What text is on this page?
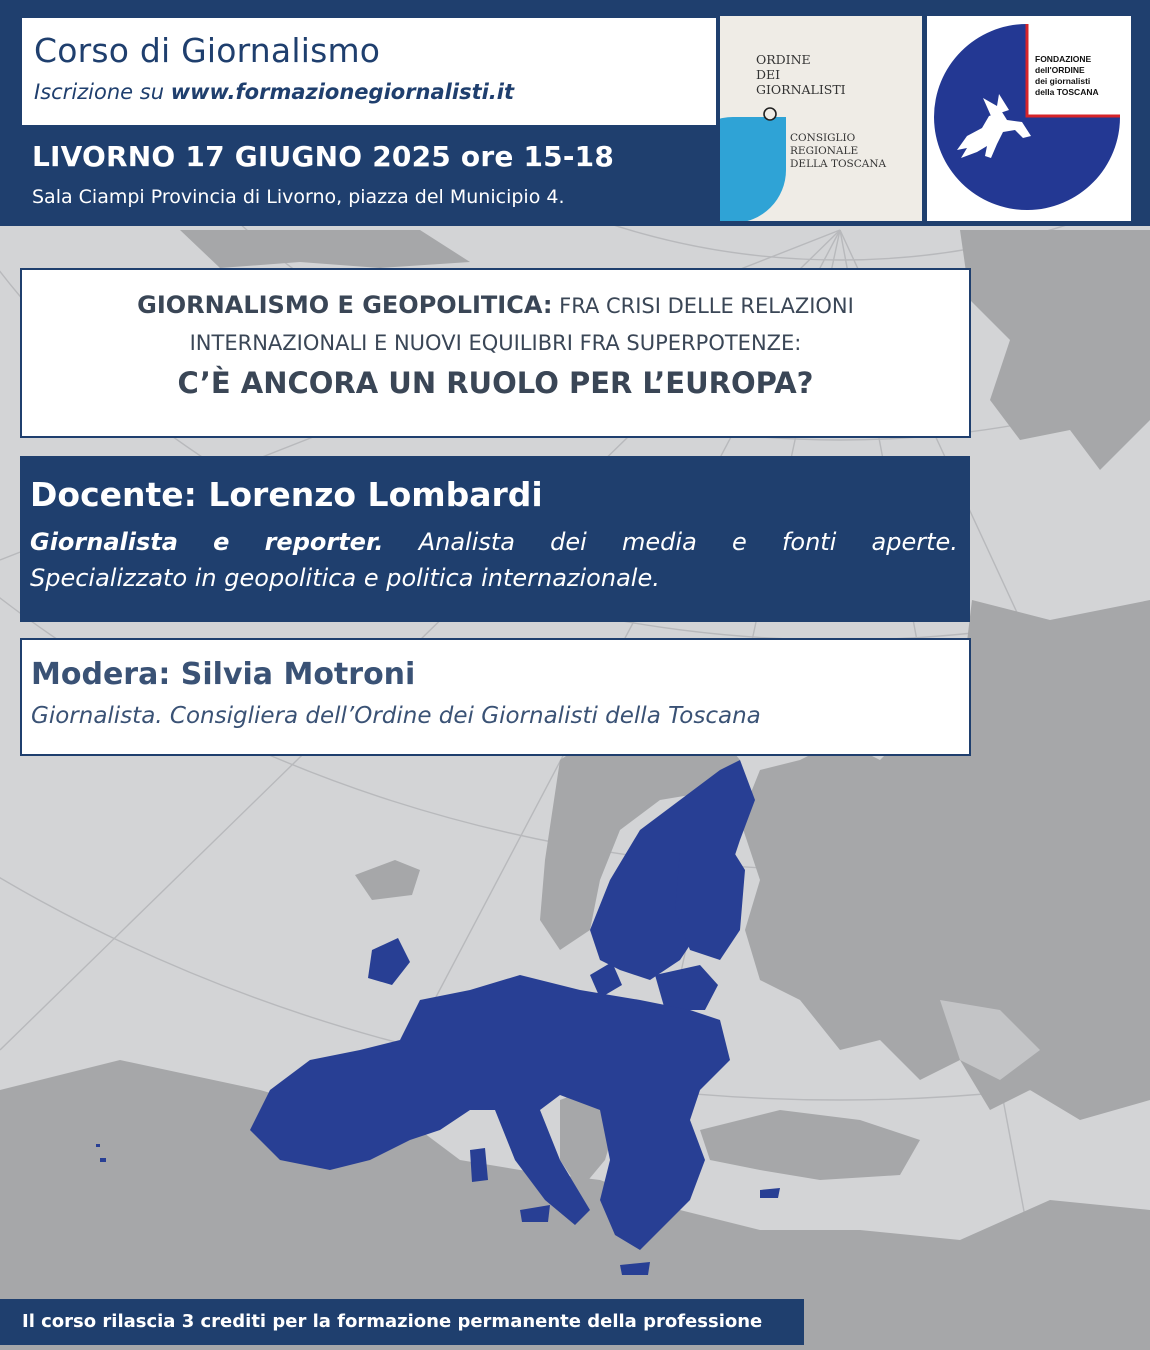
Corso di Giornalismo
Iscrizione su www.formazionegiornalisti.it
LIVORNO 17 GIUGNO 2025 ore 15-18
Sala Ciampi Provincia di Livorno, piazza del Municipio 4.
ORDINE
DEI
GIORNALISTI
CONSIGLIO REGIONALE
DELLA TOSCANA
FONDAZIONE
dell'ORDINE
dei giornalisti
della TOSCANA
GIORNALISMO E GEOPOLITICA: FRA CRISI DELLE RELAZIONI
INTERNAZIONALI E NUOVI EQUILIBRI FRA SUPERPOTENZE:
C’È ANCORA UN RUOLO PER L’EUROPA?
Docente: Lorenzo Lombardi
Giornalista e reporter. Analista dei media e fonti aperte.
Specializzato in geopolitica e politica internazionale.
Modera: Silvia Motroni
Giornalista. Consigliera dell’Ordine dei Giornalisti della Toscana
Il corso rilascia 3 crediti per la formazione permanente della professione
